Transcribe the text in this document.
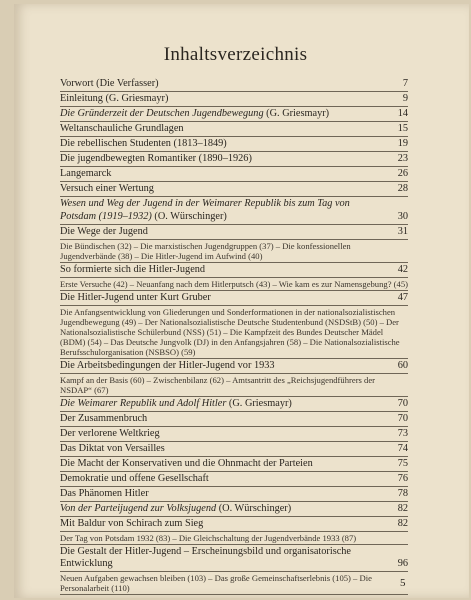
Inhaltsverzeichnis
Vorwort (Die Verfasser)	7
Einleitung (G. Griesmayr)	9
Die Gründerzeit der Deutschen Jugendbewegung (G. Griesmayr)	14
Weltanschauliche Grundlagen	15
Die rebellischen Studenten (1813–1849)	19
Die jugendbewegten Romantiker (1890–1926)	23
Langemarck	26
Versuch einer Wertung	28
Wesen und Weg der Jugend in der Weimarer Republik bis zum Tag von Potsdam (1919–1932) (O. Würschinger)	30
Die Wege der Jugend	31
Die Bündischen (32) – Die marxistischen Jugendgruppen (37) – Die konfessionellen Jugendverbände (38) – Die Hitler-Jugend im Aufwind (40)
So formierte sich die Hitler-Jugend	42
Erste Versuche (42) – Neuanfang nach dem Hitlerputsch (43) – Wie kam es zur Namensgebung? (45)
Die Hitler-Jugend unter Kurt Gruber	47
Die Anfangsentwicklung von Gliederungen und Sonderformationen in der nationalsozialistischen Jugendbewegung (49) – Der Nationalsozialistische Deutsche Studentenbund (NSDStB) (50) – Der Nationalsozialistische Schülerbund (NSS) (51) – Die Kampfzeit des Bundes Deutscher Mädel (BDM) (54) – Das Deutsche Jungvolk (DJ) in den Anfangsjahren (58) – Die Nationalsozialistische Berufsschulorganisation (NSBSO) (59)
Die Arbeitsbedingungen der Hitler-Jugend vor 1933	60
Kampf an der Basis (60) – Zwischenbilanz (62) – Amtsantritt des „Reichsjugendführers der NSDAP“ (67)
Die Weimarer Republik und Adolf Hitler (G. Griesmayr)	70
Der Zusammenbruch	70
Der verlorene Weltkrieg	73
Das Diktat von Versailles	74
Die Macht der Konservativen und die Ohnmacht der Parteien	75
Demokratie und offene Gesellschaft	76
Das Phänomen Hitler	78
Von der Parteijugend zur Volksjugend (O. Würschinger)	82
Mit Baldur von Schirach zum Sieg	82
Der Tag von Potsdam 1932 (83) – Die Gleichschaltung der Jugendverbände 1933 (87)
Die Gestalt der Hitler-Jugend – Erscheinungsbild und organisatorische Entwicklung	96
Neuen Aufgaben gewachsen bleiben (103) – Das große Gemeinschaftserlebnis (105) – Die Personalarbeit (110)	5
